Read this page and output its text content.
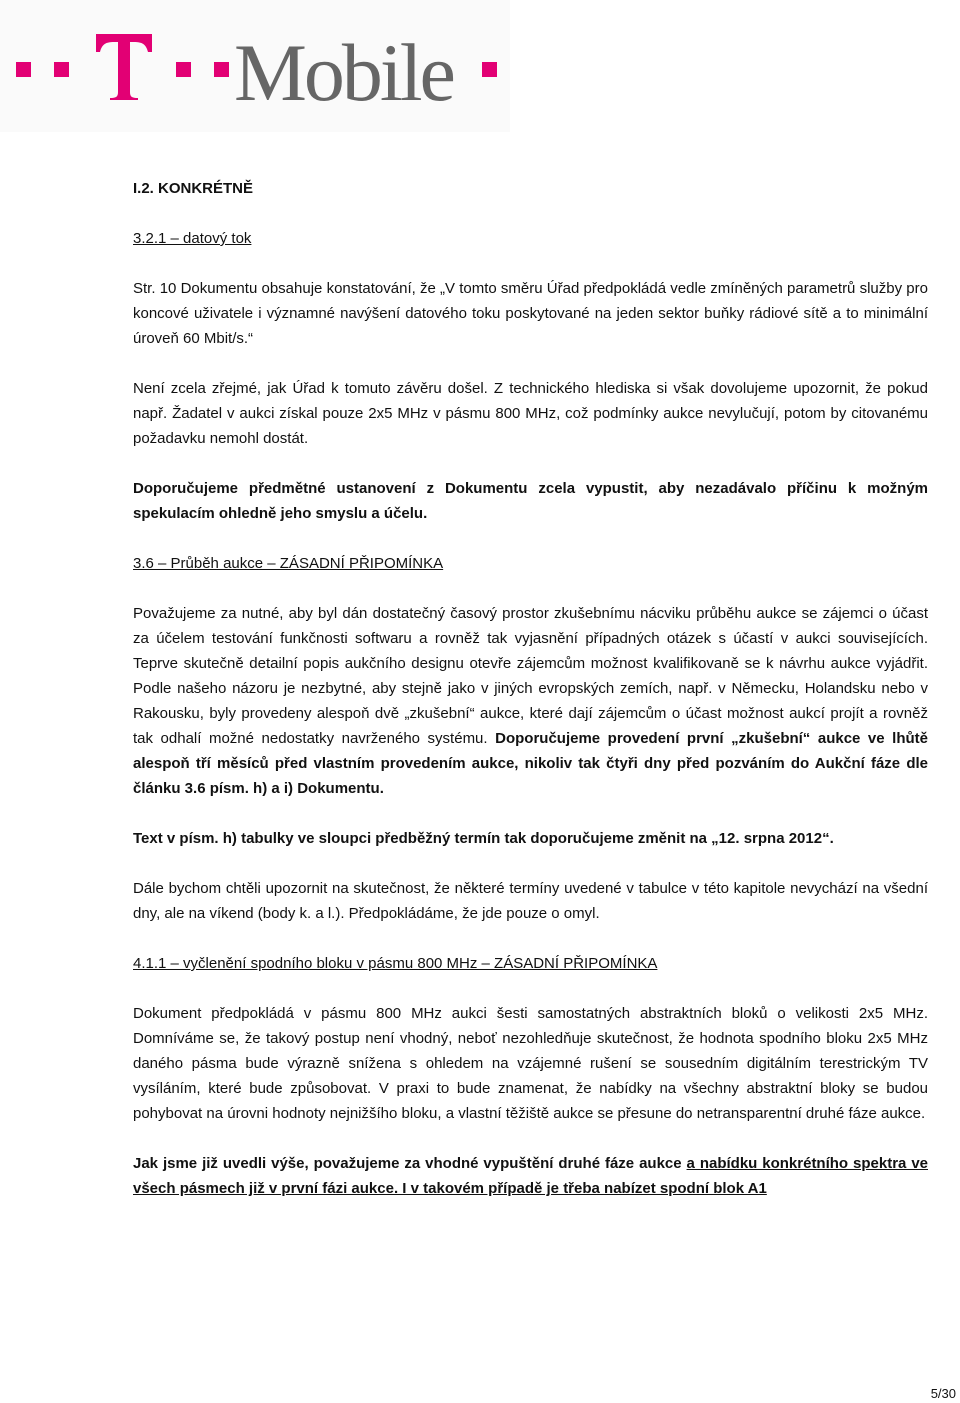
Mobile

I.2. KONKRÉTNĚ

3.2.1 – datový tok

Str. 10 Dokumentu obsahuje konstatování, že „V tomto směru Úřad předpokládá vedle zmíněných parametrů služby pro koncové uživatele i významné navýšení datového toku poskytované na jeden sektor buňky rádiové sítě a to minimální úroveň 60 Mbit/s.“

Není zcela zřejmé, jak Úřad k tomuto závěru došel. Z technického hlediska si však dovolujeme upozornit, že pokud např. Žadatel v aukci získal pouze 2x5 MHz v pásmu 800 MHz, což podmínky aukce nevylučují, potom by citovanému požadavku nemohl dostát.

Doporučujeme předmětné ustanovení z Dokumentu zcela vypustit, aby nezadávalo příčinu k možným spekulacím ohledně jeho smyslu a účelu.

3.6 – Průběh aukce – ZÁSADNÍ PŘIPOMÍNKA

Považujeme za nutné, aby byl dán dostatečný časový prostor zkušebnímu nácviku průběhu aukce se zájemci o účast za účelem testování funkčnosti softwaru a rovněž tak vyjasnění případných otázek s účastí v aukci souvisejících. Teprve skutečně detailní popis aukčního designu otevře zájemcům možnost kvalifikovaně se k návrhu aukce vyjádřit. Podle našeho názoru je nezbytné, aby stejně jako v jiných evropských zemích, např. v Německu, Holandsku nebo v Rakousku, byly provedeny alespoň dvě „zkušební“ aukce, které dají zájemcům o účast možnost aukcí projít a rovněž tak odhalí možné nedostatky navrženého systému. Doporučujeme provedení první „zkušební“ aukce ve lhůtě alespoň tří měsíců před vlastním provedením aukce, nikoliv tak čtyři dny před pozváním do Aukční fáze dle článku 3.6 písm. h) a i) Dokumentu.

Text v písm. h) tabulky ve sloupci předběžný termín tak doporučujeme změnit na „12. srpna 2012“.

Dále bychom chtěli upozornit na skutečnost, že některé termíny uvedené v tabulce v této kapitole nevychází na všední dny, ale na víkend (body k. a l.). Předpokládáme, že jde pouze o omyl.

4.1.1 – vyčlenění spodního bloku v pásmu 800 MHz – ZÁSADNÍ PŘIPOMÍNKA

Dokument předpokládá v pásmu 800 MHz aukci šesti samostatných abstraktních bloků o velikosti 2x5 MHz. Domníváme se, že takový postup není vhodný, neboť nezohledňuje skutečnost, že hodnota spodního bloku 2x5 MHz daného pásma bude výrazně snížena s ohledem na vzájemné rušení se sousedním digitálním terestrickým TV vysíláním, které bude způsobovat. V praxi to bude znamenat, že nabídky na všechny abstraktní bloky se budou pohybovat na úrovni hodnoty nejnižšího bloku, a vlastní těžiště aukce se přesune do netransparentní druhé fáze aukce.

Jak jsme již uvedli výše, považujeme za vhodné vypuštění druhé fáze aukce a nabídku konkrétního spektra ve všech pásmech již v první fázi aukce. I v takovém případě je třeba nabízet spodní blok A1

5/30
